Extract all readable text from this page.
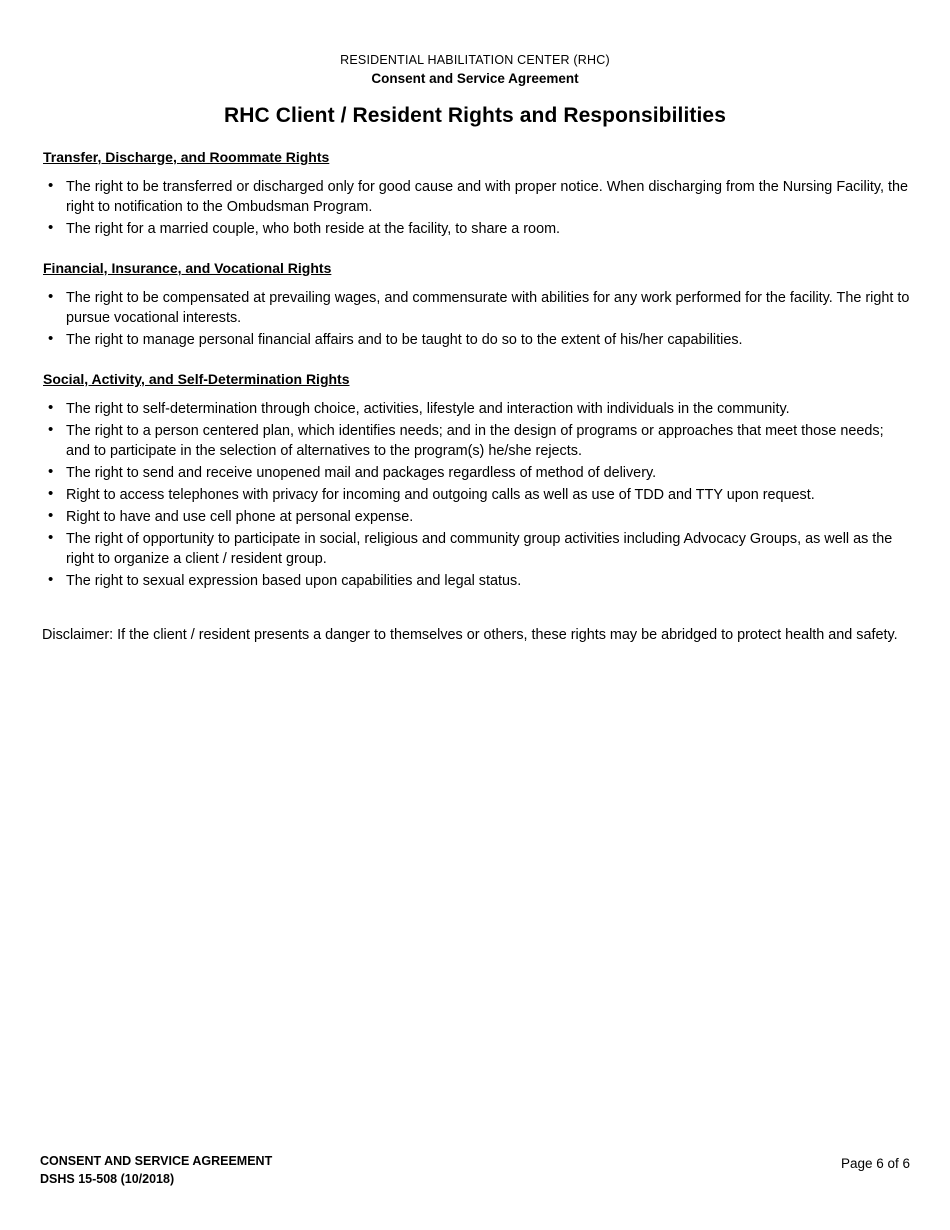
RESIDENTIAL HABILITATION CENTER (RHC)
Consent and Service Agreement
RHC Client / Resident Rights and Responsibilities
Transfer, Discharge, and Roommate Rights
• The right to be transferred or discharged only for good cause and with proper notice. When discharging from the Nursing Facility, the right to notification to the Ombudsman Program.
• The right for a married couple, who both reside at the facility, to share a room.
Financial, Insurance, and Vocational Rights
• The right to be compensated at prevailing wages, and commensurate with abilities for any work performed for the facility. The right to pursue vocational interests.
• The right to manage personal financial affairs and to be taught to do so to the extent of his/her capabilities.
Social, Activity, and Self-Determination Rights
• The right to self-determination through choice, activities, lifestyle and interaction with individuals in the community.
• The right to a person centered plan, which identifies needs; and in the design of programs or approaches that meet those needs; and to participate in the selection of alternatives to the program(s) he/she rejects.
• The right to send and receive unopened mail and packages regardless of method of delivery.
• Right to access telephones with privacy for incoming and outgoing calls as well as use of TDD and TTY upon request.
• Right to have and use cell phone at personal expense.
• The right of opportunity to participate in social, religious and community group activities including Advocacy Groups, as well as the right to organize a client / resident group.
• The right to sexual expression based upon capabilities and legal status.
Disclaimer: If the client / resident presents a danger to themselves or others, these rights may be abridged to protect health and safety.
CONSENT AND SERVICE AGREEMENT
DSHS 15-508 (10/2018)
Page 6 of 6
